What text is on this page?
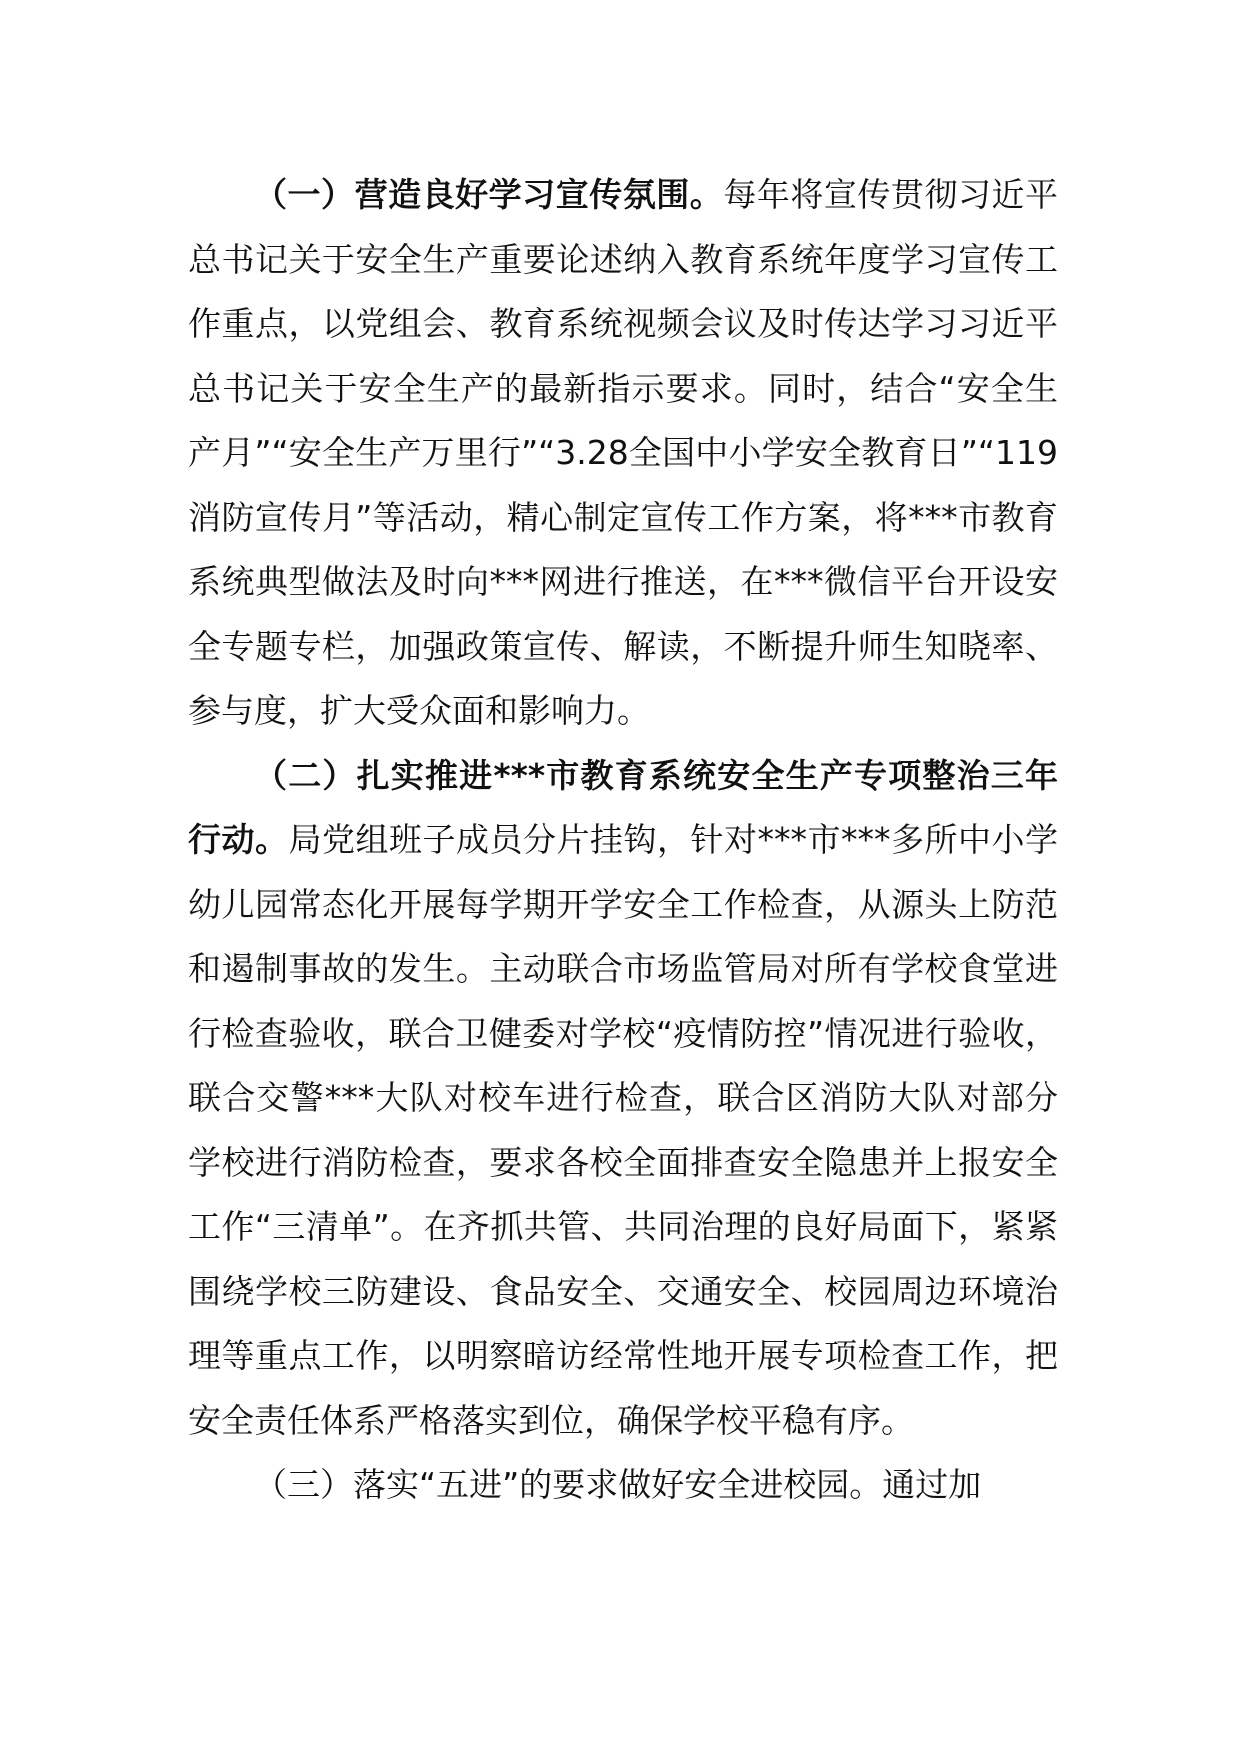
（一）营造良好学习宣传氛围。每年将宣传贯彻习近平总书记关于安全生产重要论述纳入教育系统年度学习宣传工作重点，以党组会、教育系统视频会议及时传达学习习近平总书记关于安全生产的最新指示要求。同时，结合“安全生产月”“安全生产万里行”“3.28全国中小学安全教育日”“119消防宣传月”等活动，精心制定宣传工作方案，将***市教育系统典型做法及时向***网进行推送，在***微信平台开设安全专题专栏，加强政策宣传、解读，不断提升师生知晓率、参与度，扩大受众面和影响力。

（二）扎实推进***市教育系统安全生产专项整治三年行动。局党组班子成员分片挂钩，针对***市***多所中小学幼儿园常态化开展每学期开学安全工作检查，从源头上防范和遏制事故的发生。主动联合市场监管局对所有学校食堂进行检查验收，联合卫健委对学校“疫情防控”情况进行验收，联合交警***大队对校车进行检查，联合区消防大队对部分学校进行消防检查，要求各校全面排查安全隐患并上报安全工作“三清单”。在齐抓共管、共同治理的良好局面下，紧紧围绕学校三防建设、食品安全、交通安全、校园周边环境治理等重点工作，以明察暗访经常性地开展专项检查工作，把安全责任体系严格落实到位，确保学校平稳有序。

（三）落实“五进”的要求做好安全进校园。通过加
